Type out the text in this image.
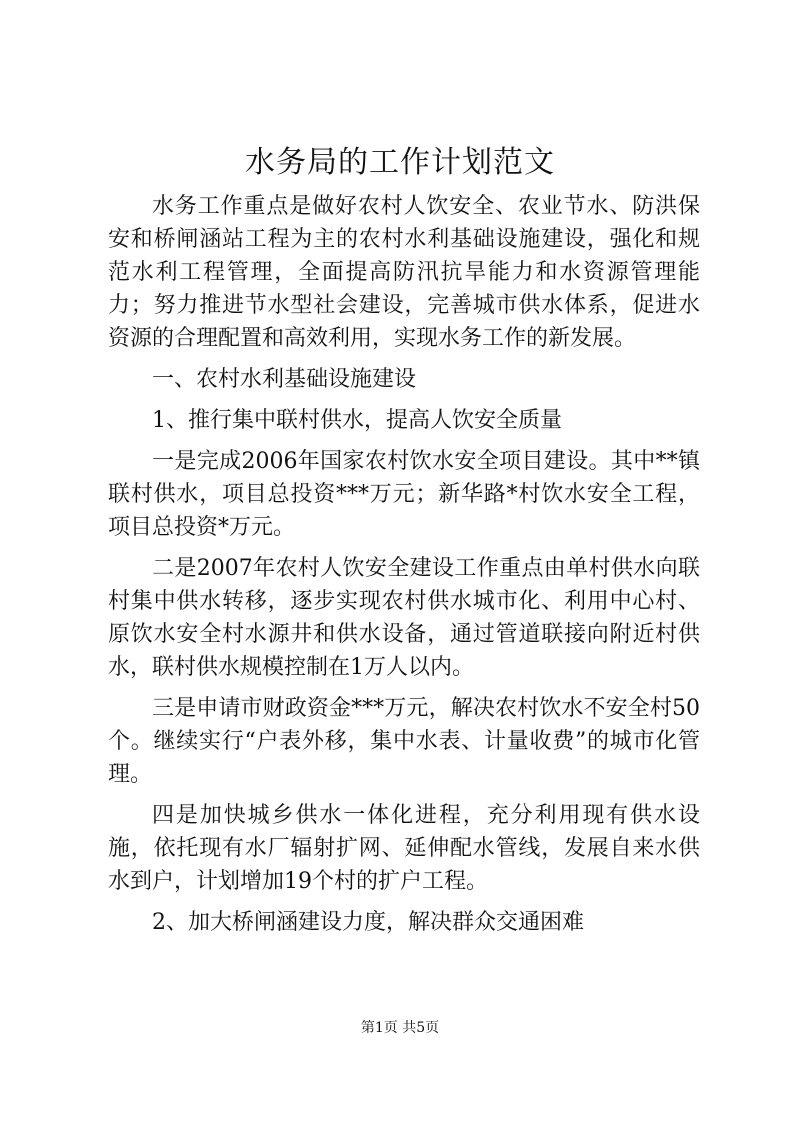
水务局的工作计划范文

水务工作重点是做好农村人饮安全、农业节水、防洪保安和桥闸涵站工程为主的农村水利基础设施建设，强化和规范水利工程管理，全面提高防汛抗旱能力和水资源管理能力；努力推进节水型社会建设，完善城市供水体系，促进水资源的合理配置和高效利用，实现水务工作的新发展。

一、农村水利基础设施建设

1、推行集中联村供水，提高人饮安全质量

一是完成2006年国家农村饮水安全项目建设。其中**镇联村供水，项目总投资***万元；新华路*村饮水安全工程，项目总投资*万元。

二是2007年农村人饮安全建设工作重点由单村供水向联村集中供水转移，逐步实现农村供水城市化、利用中心村、原饮水安全村水源井和供水设备，通过管道联接向附近村供水，联村供水规模控制在1万人以内。

三是申请市财政资金***万元，解决农村饮水不安全村50个。继续实行“户表外移，集中水表、计量收费”的城市化管理。

四是加快城乡供水一体化进程，充分利用现有供水设施，依托现有水厂辐射扩网、延伸配水管线，发展自来水供水到户，计划增加19个村的扩户工程。

2、加大桥闸涵建设力度，解决群众交通困难

第1页 共5页
